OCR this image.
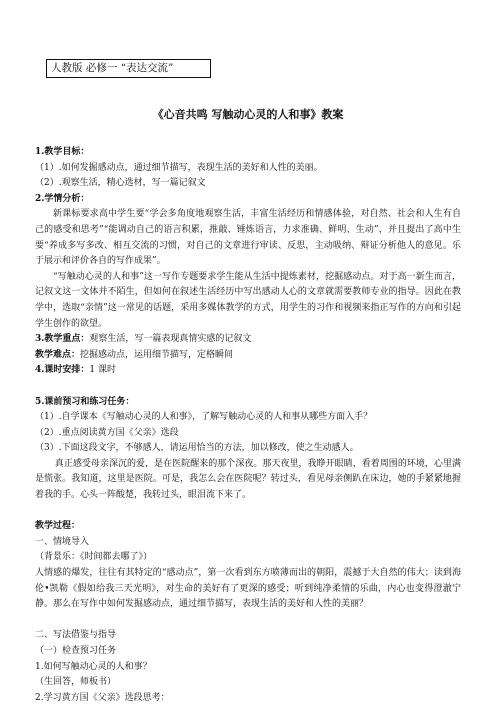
人教版 必修一 “表达交流”
《心音共鸣 写触动心灵的人和事》教案

1.教学目标：

（1）.如何发掘感动点，通过细节描写，表现生活的美好和人性的美丽。

（2）.观察生活，精心选材，写一篇记叙文

2.学情分析：

新课标要求高中学生要“学会多角度地观察生活，丰富生活经历和情感体验，对自然、社会和人生有自己的感受和思考”“能调动自己的语言积累，推敲、锤炼语言，力求准确、鲜明、生动”，并且提出了高中生要“养成多写多改、相互交流的习惯，对自己的文章进行审读、反思，主动吸纳、辩证分析他人的意见。乐于展示和评价各自的写作成果”。

“写触动心灵的人和事”这一写作专题要求学生能从生活中提炼素材，挖掘感动点。对于高一新生而言，记叙文这一文体并不陌生，但如何在叙述生活经历中写出感动人心的文章就需要教师专业的指导。因此在教学中，选取“亲情”这一常见的话题，采用多媒体教学的方式，用学生的习作和视频来指正写作的方向和引起学生创作的欲望。

3.教学重点：观察生活，写一篇表现真情实感的记叙文

教学难点：挖掘感动点，运用细节描写，定格瞬间

4.课时安排：1 课时

5.课前预习和练习任务：

（1）.自学课本《写触动心灵的人和事》，了解写触动心灵的人和事从哪些方面入手？

（2）.重点阅读黄方国《父亲》选段

（3）.下面这段文字，不够感人，请运用恰当的方法，加以修改，使之生动感人。

真正感受母亲深沉的爱，是在医院醒来的那个深夜。那天夜里，我睁开眼睛，看着周围的环境，心里满是慌张。我知道，这里是医院。可是，我怎么会在医院呢？转过头，看见母亲侧趴在床边，她的手紧紧地握着我的手。心头一阵酸楚，我转过头，眼泪流下来了。

教学过程：

一、情境导入

（背景乐：《时间都去哪了》）

人情感的爆发，往往有其特定的“感动点”，第一次看到东方喷薄而出的朝阳，震撼于大自然的伟大；读到海伦•凯勒《假如给我三天光明》，对生命的美好有了更深的感受；听到纯净柔情的乐曲，内心也变得澄澈宁静。那么在写作中如何发掘感动点，通过细节描写，表现生活的美好和人性的美丽？

二、写法借鉴与指导

（一）检查预习任务

1.如何写触动心灵的人和事？

（生回答，师板书）

2.学习黄方国《父亲》选段思考：
